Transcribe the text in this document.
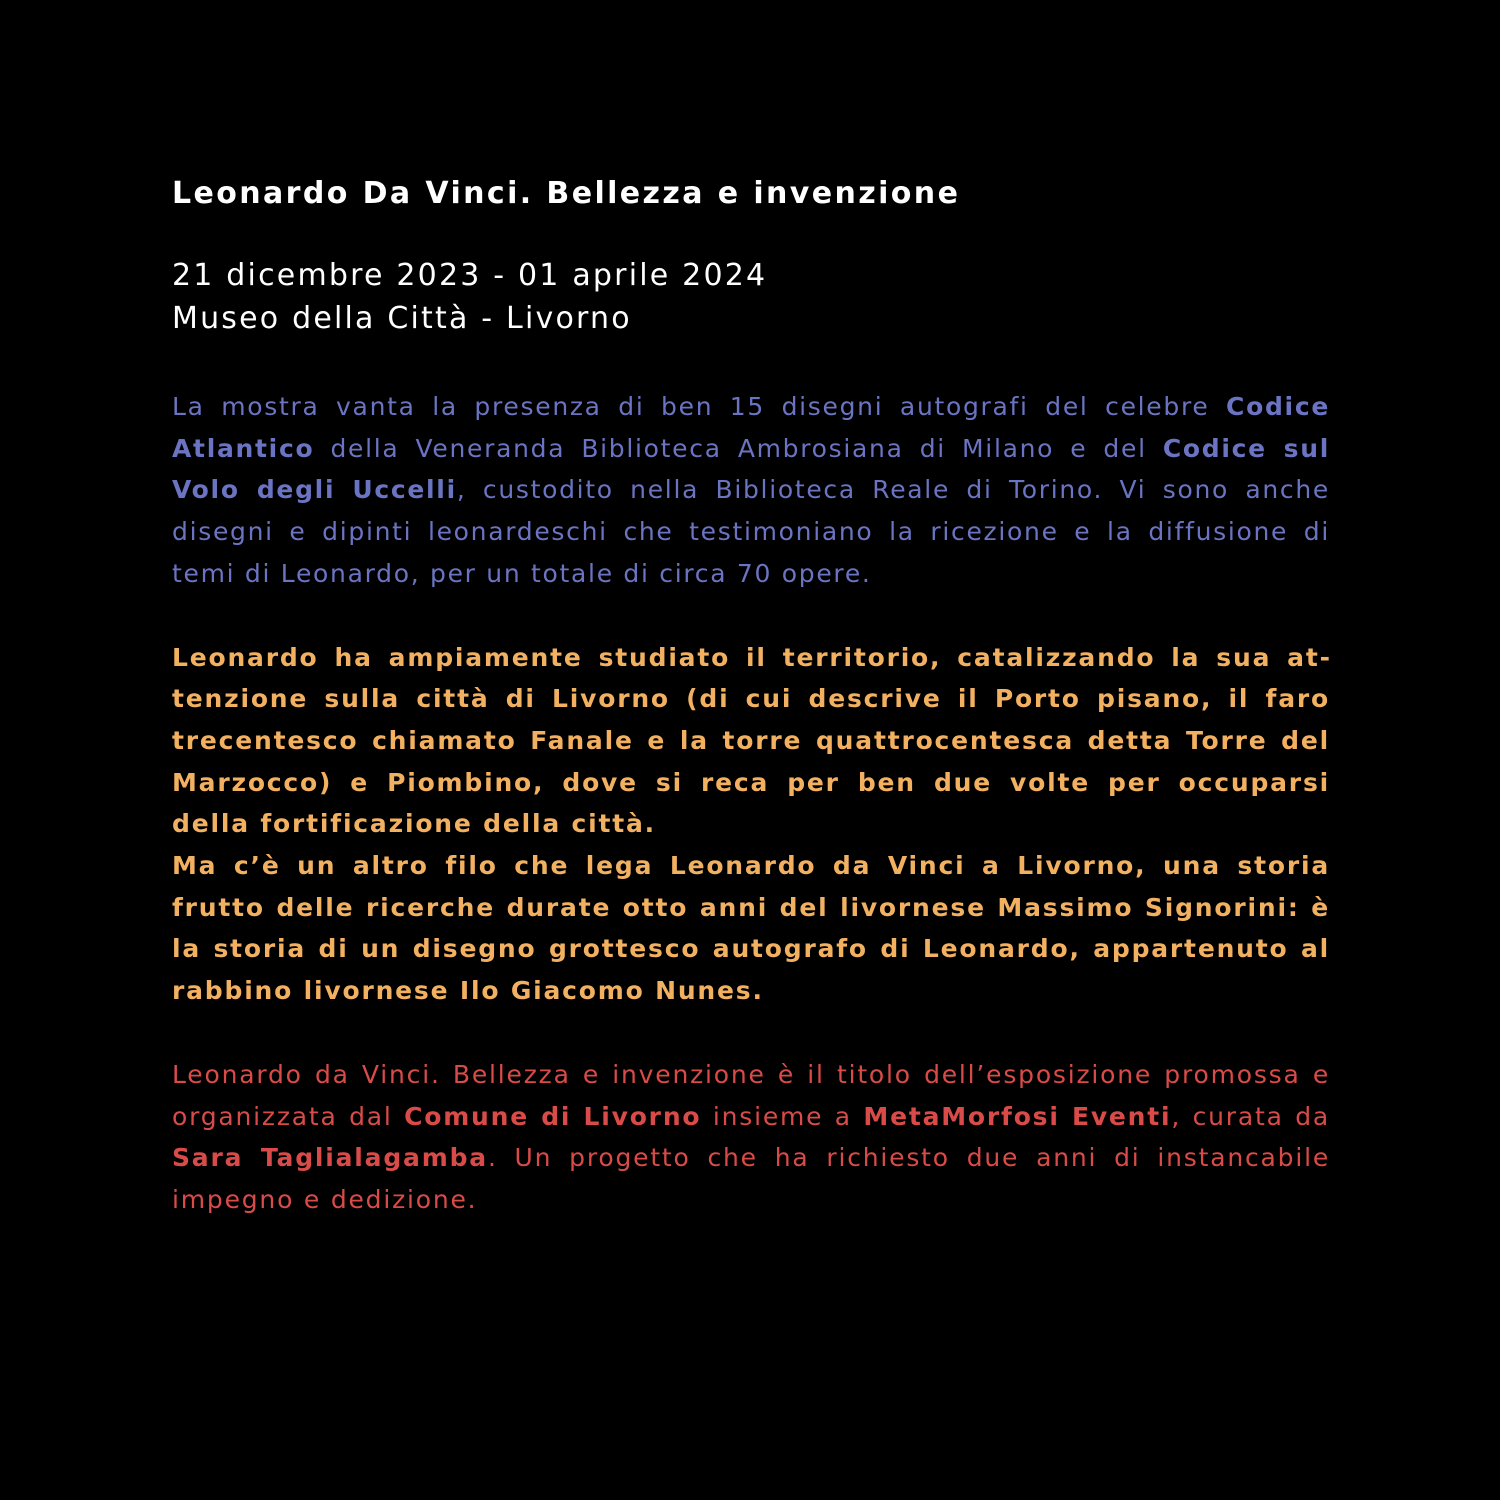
Leonardo Da Vinci. Bellezza e invenzione

21 dicembre 2023 - 01 aprile 2024
Museo della Città - Livorno

La mostra vanta la presenza di ben 15 disegni autografi del celebre Codice Atlantico della Veneranda Biblioteca Ambrosiana di Milano e del Codice sul Volo degli Uccelli, custodito nella Biblioteca Reale di Torino. Vi sono anche disegni e dipinti leonardeschi che testimoniano la ricezione e la diffusione di temi di Leonardo, per un totale di circa 70 opere.

Leonardo ha ampiamente studiato il territorio, catalizzando la sua attenzione sulla città di Livorno (di cui descrive il Porto pisano, il faro trecentesco chiamato Fanale e la torre quattrocentesca detta Torre del Marzocco) e Piombino, dove si reca per ben due volte per occuparsi della fortificazione della città.
Ma c’è un altro filo che lega Leonardo da Vinci a Livorno, una storia frutto delle ricerche durate otto anni del livornese Massimo Signorini: è la storia di un disegno grottesco autografo di Leonardo, appartenuto al rabbino livornese Ilo Giacomo Nunes.

Leonardo da Vinci. Bellezza e invenzione è il titolo dell’esposizione promossa e organizzata dal Comune di Livorno insieme a MetaMorfosi Eventi, curata da Sara Taglialagamba. Un progetto che ha richiesto due anni di instancabile impegno e dedizione.
